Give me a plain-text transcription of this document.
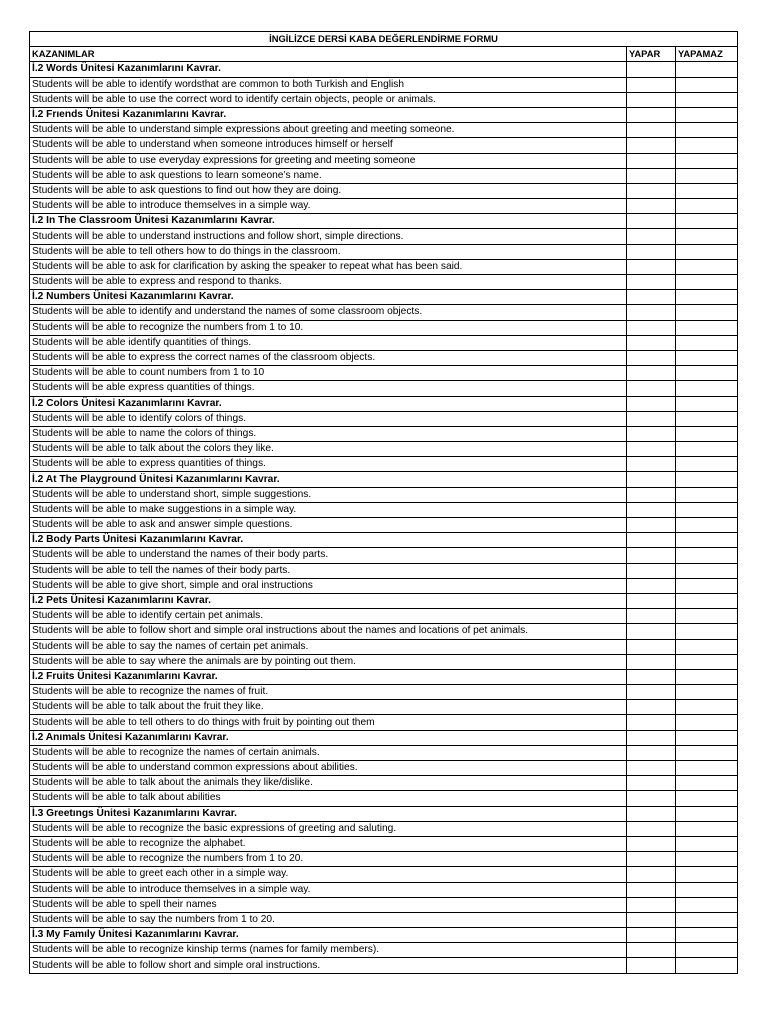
İNGİLİZCE DERSİ KABA DEĞERLENDİRME FORMU		
KAZANIMLAR	YAPAR	YAPAMAZ
İ.2 Words Ünitesi Kazanımlarını Kavrar.		
Students will be able to identify wordsthat are common to both Turkish and English		
Students will be able to use the correct word to identify certain objects, people or animals.		
İ.2 Frıends Ünitesi Kazanımlarını Kavrar.		
Students will be able to understand simple expressions about greeting and meeting someone.		
Students will be able to understand when someone introduces himself or herself		
Students will be able to use everyday expressions for greeting and meeting someone		
Students will be able to ask questions to learn someone’s name.		
Students will be able to ask questions to find out how they are doing.		
Students will be able to introduce themselves in a simple way.		
İ.2 In The Classroom Ünitesi Kazanımlarını Kavrar.		
Students will be able to understand instructions and follow short, simple directions.		
Students will be able to tell others how to do things in the classroom.		
Students will be able to ask for clarification by asking the speaker to repeat what has been said.		
Students will be able to express and respond to thanks.		
İ.2 Numbers Ünitesi Kazanımlarını Kavrar.		
Students will be able to identify and understand the names of some classroom objects.		
Students will be able to recognize the numbers from 1 to 10.		
Students will be able identify quantities of things.		
Students will be able to express the correct names of the classroom objects.		
Students will be able to count numbers from 1 to 10		
Students will be able express quantities of things.		
İ.2 Colors Ünitesi Kazanımlarını Kavrar.		
Students will be able to identify colors of things.		
Students will be able to name the colors of things.		
Students will be able to talk about the colors they like.		
Students will be able to express quantities of things.		
İ.2 At The Playground Ünitesi Kazanımlarını Kavrar.		
Students will be able to understand short, simple suggestions.		
Students will be able to make suggestions in a simple way.		
Students will be able to ask and answer simple questions.		
İ.2 Body Parts Ünitesi Kazanımlarını Kavrar.		
Students will be able to understand the names of their body parts.		
Students will be able to tell the names of their body parts.		
Students will be able to give short, simple and oral instructions		
İ.2 Pets Ünitesi Kazanımlarını Kavrar.		
Students will be able to identify certain pet animals.		
Students will be able to follow short and simple oral instructions about the names and locations of pet animals.		
Students will be able to say the names of certain pet animals.		
Students will be able to say where the animals are by pointing out them.		
İ.2 Fruits Ünitesi Kazanımlarını Kavrar.		
Students will be able to recognize the names of fruit.		
Students will be able to talk about the fruit they like.		
Students will be able to tell others to do things with fruit by pointing out them		
İ.2 Anımals Ünitesi Kazanımlarını Kavrar.		
Students will be able to recognize the names of certain animals.		
Students will be able to understand common expressions about abilities.		
Students will be able to talk about the animals they like/dislike.		
Students will be able to talk about abilities		
İ.3 Greetıngs Ünitesi Kazanımlarını Kavrar.		
Students will be able to recognize the basic expressions of greeting and saluting.		
Students will be able to recognize the alphabet.		
Students will be able to recognize the numbers from 1 to 20.		
Students will be able to greet each other in a simple way.		
Students will be able to introduce themselves in a simple way.		
Students will be able to spell their names		
Students will be able to say the numbers from 1 to 20.		
İ.3 My Famıly Ünitesi Kazanımlarını Kavrar.		
Students will be able to recognize kinship terms (names for family members).		
Students will be able to follow short and simple oral instructions.		
